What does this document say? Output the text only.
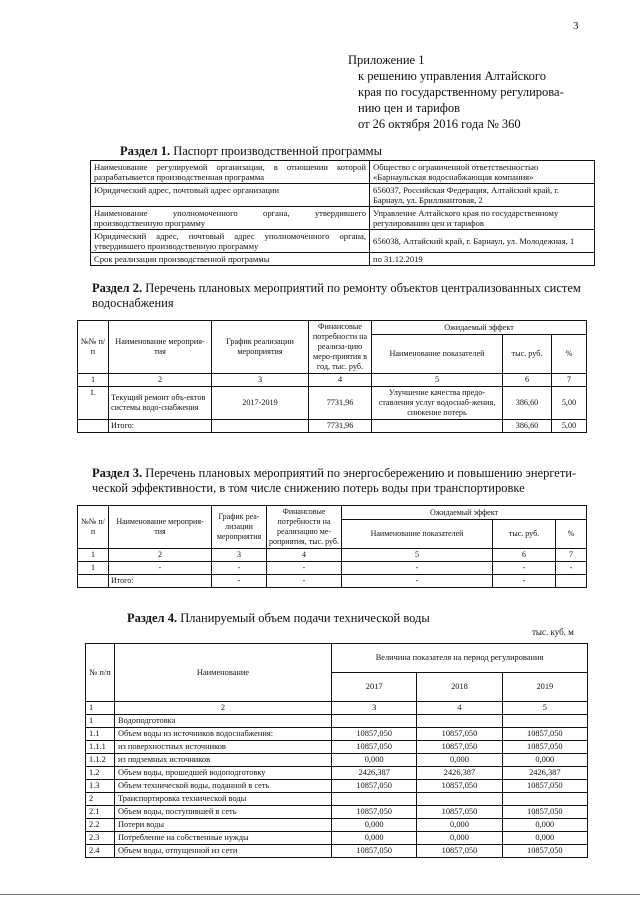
3
Приложение 1
к решению управления Алтайского
края по государственному регулирова-
нию цен и тарифов
от 26 октября 2016 года № 360
Раздел 1. Паспорт производственной программы
Наименование регулируемой организации, в отношении которой разрабатывается производственная программа	Общество с ограниченной ответственностью «Барнаульская водоснабжающая компания»
Юридический адрес, почтовый адрес организации	656037, Российская Федерация, Алтайский край, г. Барнаул, ул. Бриллиантовая, 2
Наименование уполномоченного органа, утвердившего производственную программу	Управление Алтайского края по государственному регулированию цен и тарифов
Юридический адрес, почтовый адрес уполномоченного органа, утвердившего производственную программу	656038, Алтайский край, г. Барнаул, ул. Молодежная, 1
Срок реализации производственной программы	по 31.12.2019
Раздел 2. Перечень плановых мероприятий по ремонту объектов централизованных систем водоснабжения
№№ п/п	Наименование мероприя-тия	График реализации мероприятия	Финансовые потребности на реализа-цию меро-приятия в год, тыс. руб.	Ожидаемый эффект		
				Наименование показателей	тыс. руб.	%
1	2	3	4	5	6	7
1.	Текущий ремонт объ-ектов системы водо-снабжения	2017-2019	7731,96	Улучшение качества предо-ставления услуг водоснаб-жения, снижение потерь	386,60	5,00
	Итого:		7731,96		386,60	5,00
Раздел 3. Перечень плановых мероприятий по энергосбережению и повышению энергети-ческой эффективности, в том числе снижению потерь воды при транспортировке
№№ п/п	Наименование мероприя-тия	График реа-лизации мероприятия	Финансовые потребности на реализацию ме-роприятия, тыс. руб.	Ожидаемый эффект		
				Наименование показателей	тыс. руб.	%
1	2	3	4	5	6	7
1	-	-	-	-	-	-
	Итого:	-	-	-	-	
Раздел 4. Планируемый объем подачи технической воды
тыс. куб. м
№ п/п	Наименование	Величина показателя на период регулирования		
		2017	2018	2019
1	2	3	4	5
1	Водоподготовка			
1.1	Объем воды из источников водоснабжения:	10857,050	10857,050	10857,050
1.1.1	из поверхностных источников	10857,050	10857,050	10857,050
1.1.2	из подземных источников	0,000	0,000	0,000
1.2	Объем воды, прошедшей водоподготовку	2426,387	2426,387	2426,387
1.3	Объем технической воды, поданной в сеть	10857,050	10857,050	10857,050
2	Транспортировка технической воды			
2.1	Объем воды, поступившей в сеть	10857,050	10857,050	10857,050
2.2	Потери воды	0,000	0,000	0,000
2.3	Потребление на собственные нужды	0,000	0,000	0,000
2.4	Объем воды, отпущенной из сети	10857,050	10857,050	10857,050
